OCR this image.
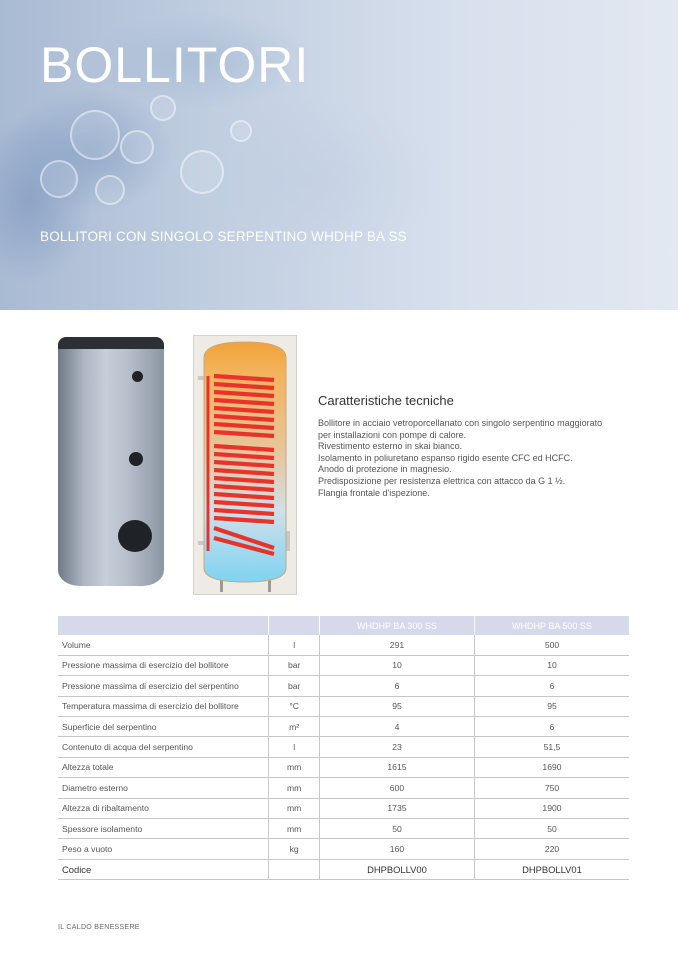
BOLLITORI
BOLLITORI CON SINGOLO SERPENTINO WHDHP BA SS
Caratteristiche tecniche
Bollitore in acciaio vetroporcellanato con singolo serpentino maggiorato
per installazioni con pompe di calore.
Rivestimento esterno in skai bianco.
Isolamento in poliuretano espanso rigido esente CFC ed HCFC.
Anodo di protezione in magnesio.
Predisposizione per resistenza elettrica con attacco da G 1 ½.
Flangia frontale d'ispezione.
		WHDHP BA 300 SS	WHDHP BA 500 SS
Volume	l	291	500
Pressione massima di esercizio del bollitore	bar	10	10
Pressione massima di esercizio del serpentino	bar	6	6
Temperatura massima di esercizio del bollitore	°C	95	95
Superficie del serpentino	m²	4	6
Contenuto di acqua del serpentino	l	23	51,5
Altezza totale	mm	1615	1690
Diametro esterno	mm	600	750
Altezza di ribaltamento	mm	1735	1900
Spessore isolamento	mm	50	50
Peso a vuoto	kg	160	220
Codice		DHPBOLLV00	DHPBOLLV01

IL CALDO BENESSERE
